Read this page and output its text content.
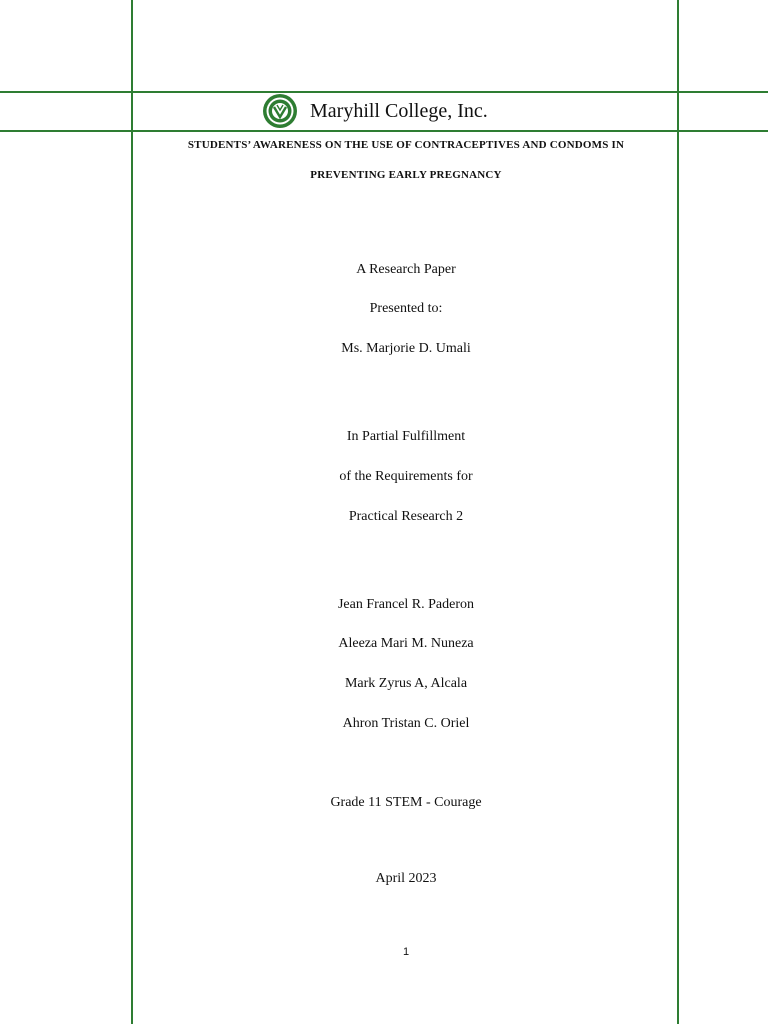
Maryhill College, Inc.
STUDENTS’ AWARENESS ON THE USE OF CONTRACEPTIVES AND CONDOMS IN
PREVENTING EARLY PREGNANCY
A Research Paper
Presented to:
Ms. Marjorie D. Umali
In Partial Fulfillment
of the Requirements for
Practical Research 2
Jean Francel R. Paderon
Aleeza Mari M. Nuneza
Mark Zyrus A, Alcala
Ahron Tristan C. Oriel
Grade 11 STEM - Courage
April 2023
1
